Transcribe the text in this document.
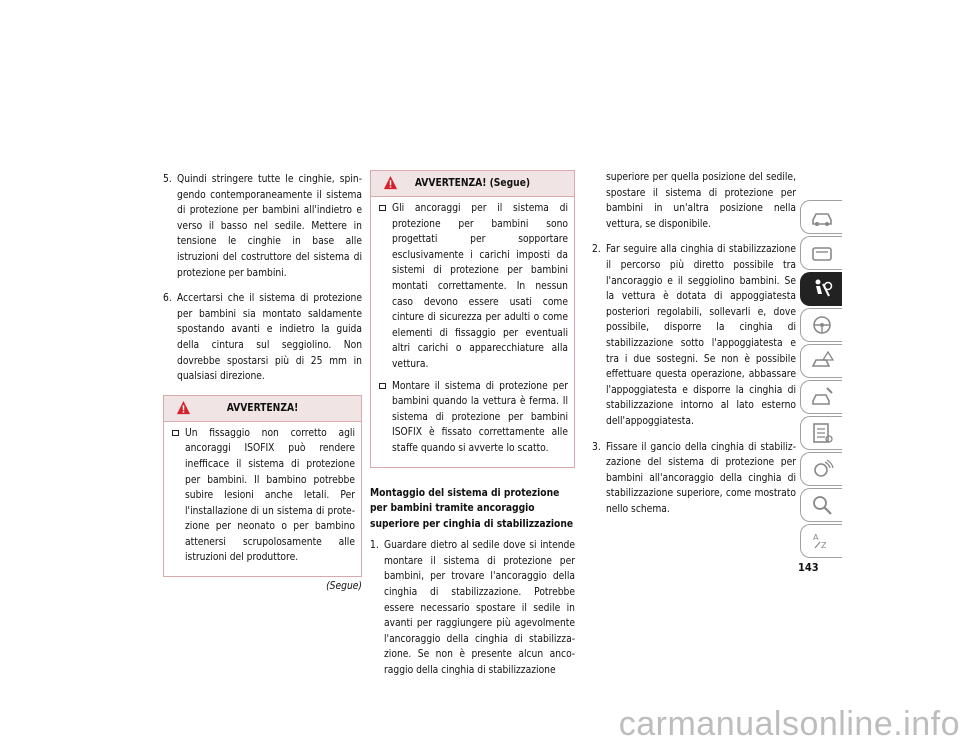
5. Quindi stringere tutte le cinghie, spingendo contemporaneamente il sistema di protezione per bambini all'indietro e verso il basso nel sedile. Mettere in tensione le cinghie in base alle istruzioni del costruttore del sistema di protezione per bambini.
6. Accertarsi che il sistema di protezione per bambini sia montato saldamente spostando avanti e indietro la guida della cintura sul seggiolino. Non dovrebbe spostarsi più di 25 mm in qualsiasi direzione.
AVVERTENZA!
Un fissaggio non corretto agli ancoraggi ISOFIX può rendere inefficace il sistema di protezione per bambini. Il bambino potrebbe subire lesioni anche letali. Per l'installazione di un sistema di protezione per neonato o per bambino attenersi scrupolosamente alle istruzioni del produttore.
(Segue)
AVVERTENZA! (Segue)
Gli ancoraggi per il sistema di protezione per bambini sono progettati per sopportare esclusivamente i carichi imposti da sistemi di protezione per bambini montati correttamente. In nessun caso devono essere usati come cinture di sicurezza per adulti o come elementi di fissaggio per eventuali altri carichi o apparecchiature alla vettura.
Montare il sistema di protezione per bambini quando la vettura è ferma. Il sistema di protezione per bambini ISOFIX è fissato correttamente alle staffe quando si avverte lo scatto.
Montaggio del sistema di protezione per bambini tramite ancoraggio superiore per cinghia di stabilizzazione
1. Guardare dietro al sedile dove si intende montare il sistema di protezione per bambini, per trovare l'ancoraggio della cinghia di stabilizzazione. Potrebbe essere necessario spostare il sedile in avanti per raggiungere più agevolmente l'ancoraggio della cinghia di stabilizzazione. Se non è presente alcun ancoraggio della cinghia di stabilizzazione
superiore per quella posizione del sedile, spostare il sistema di protezione per bambini in un'altra posizione nella vettura, se disponibile.
2. Far seguire alla cinghia di stabilizzazione il percorso più diretto possibile tra l'ancoraggio e il seggiolino bambini. Se la vettura è dotata di appoggiatesta posteriori regolabili, sollevarli e, dove possibile, disporre la cinghia di stabilizzazione sotto l'appoggiatesta e tra i due sostegni. Se non è possibile effettuare questa operazione, abbassare l'appoggiatesta e disporre la cinghia di stabilizzazione intorno al lato esterno dell'appoggiatesta.
3. Fissare il gancio della cinghia di stabilizzazione del sistema di protezione per bambini all'ancoraggio della cinghia di stabilizzazione superiore, come mostrato nello schema.
A
Z
143
carmanualsonline.info
